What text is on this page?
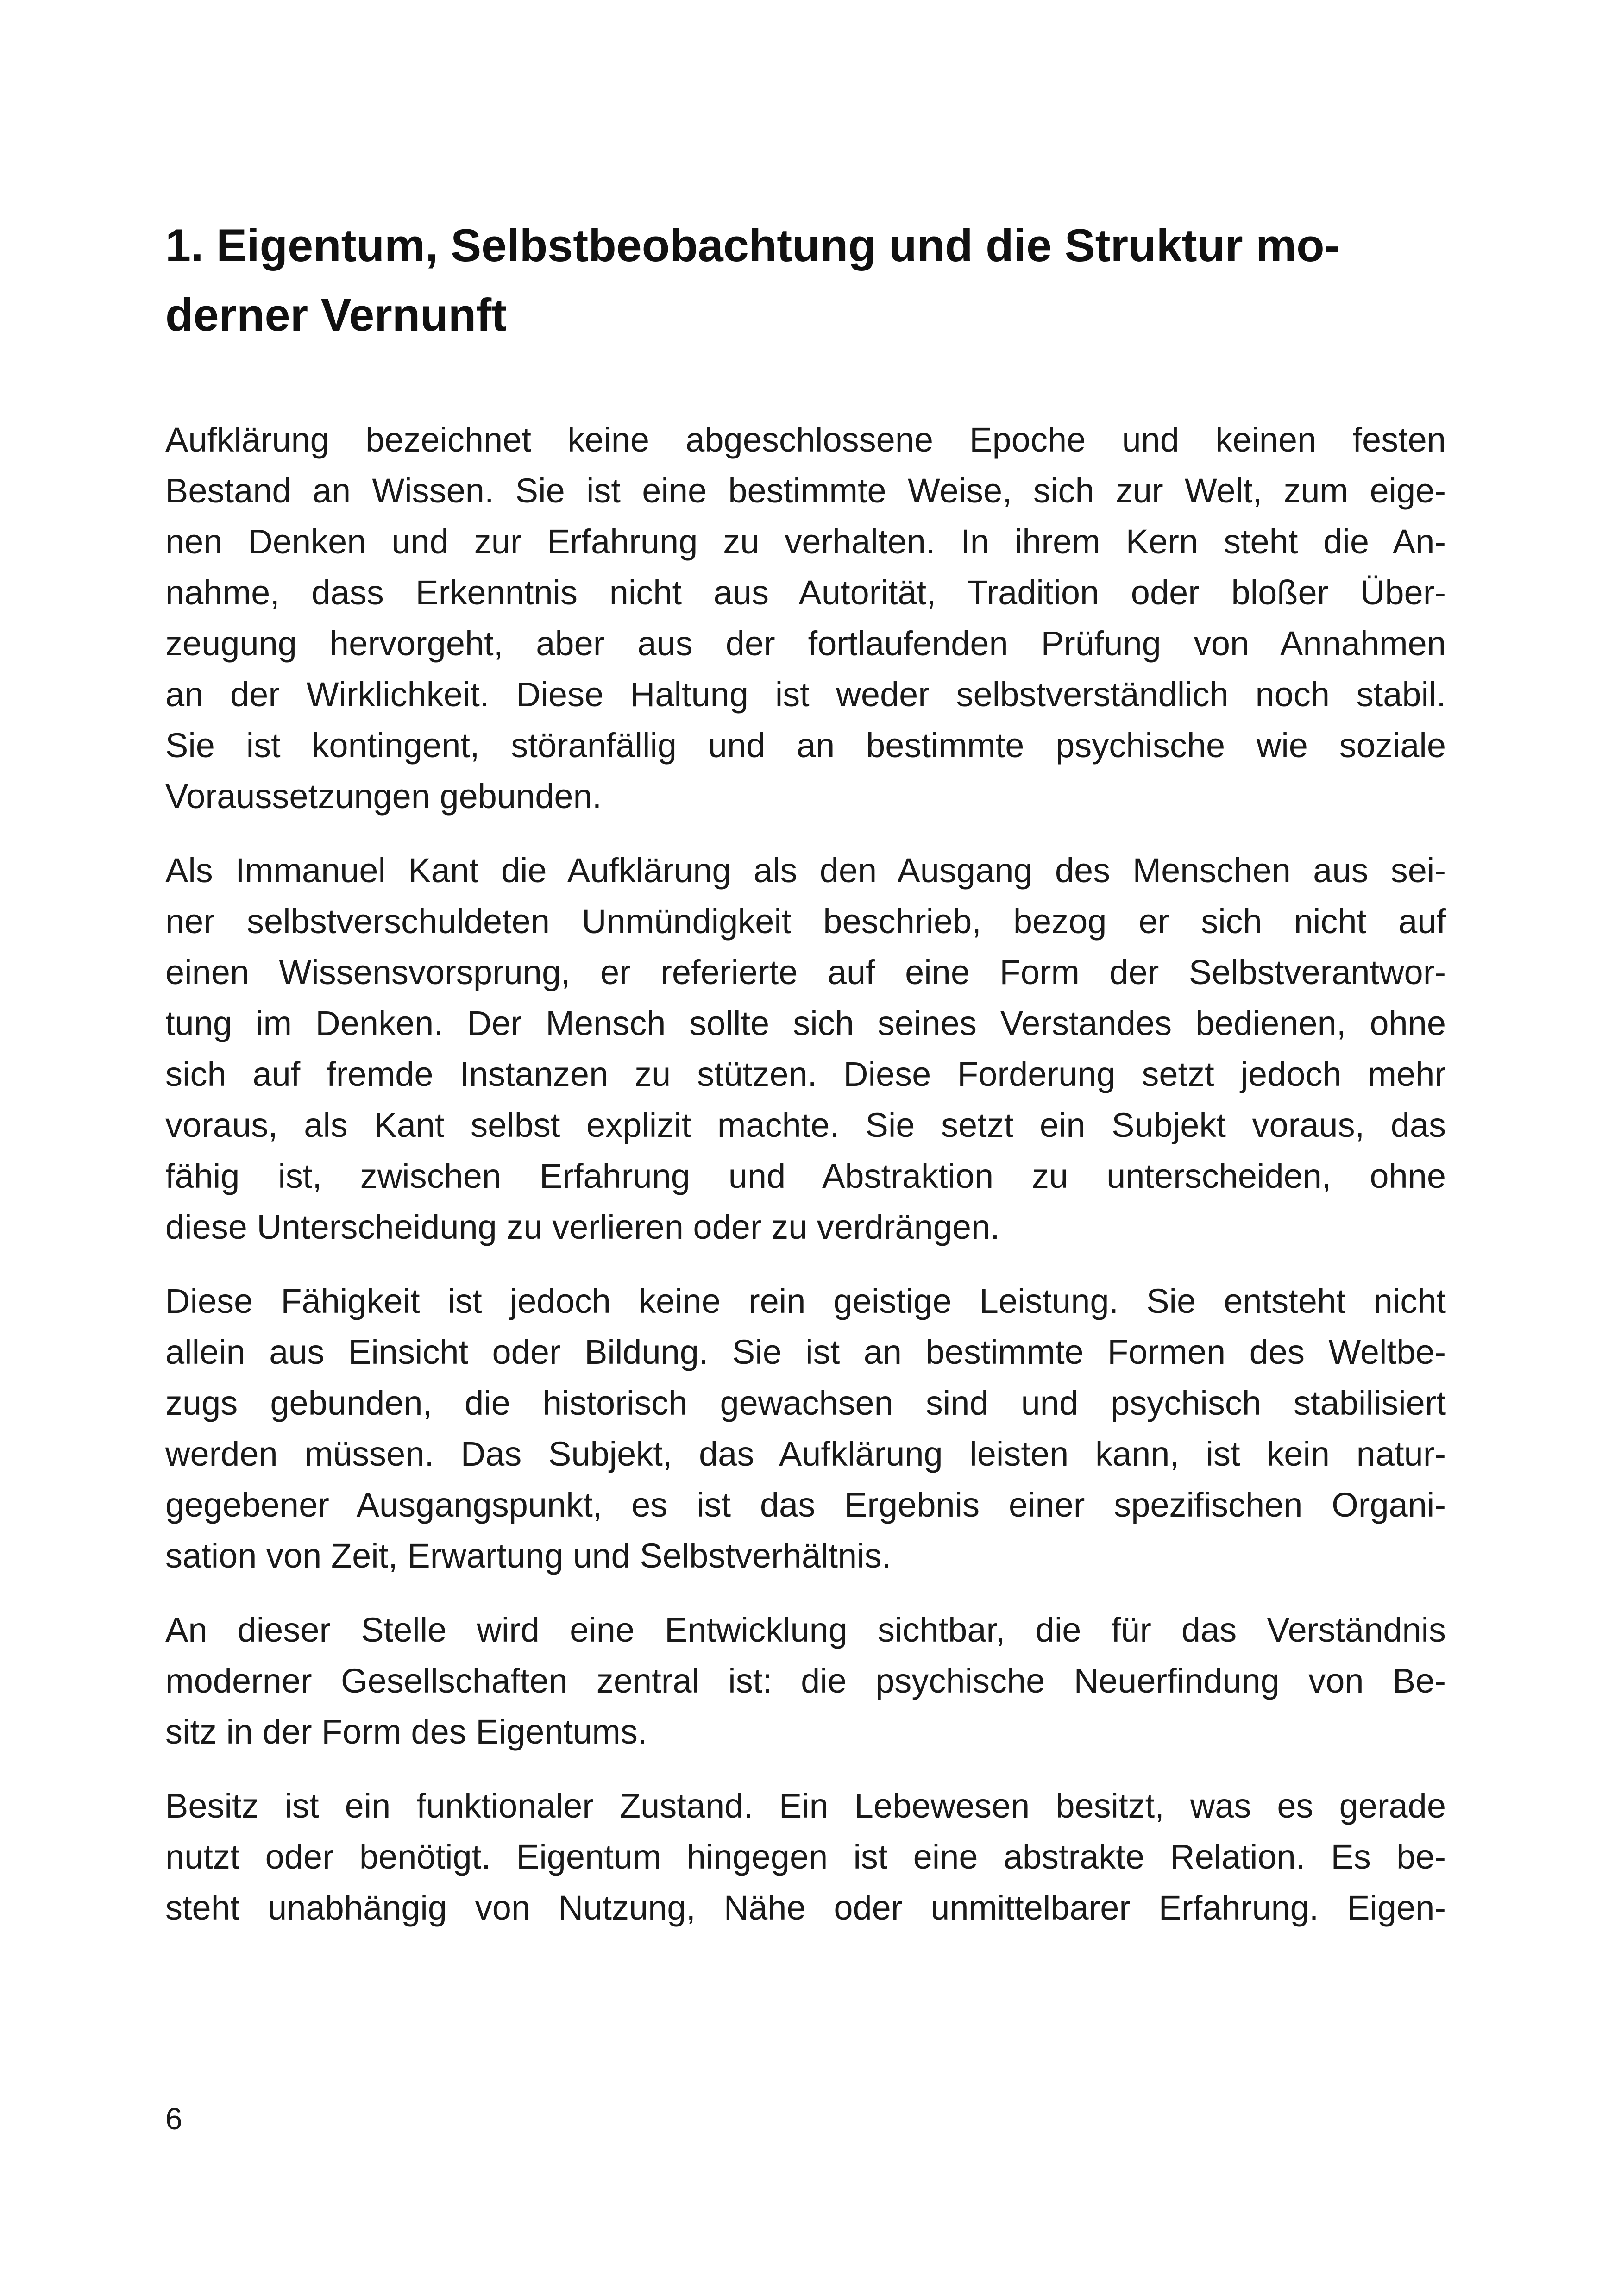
1. Eigentum, Selbstbeobachtung und die Struktur mo-
derner Vernunft

Aufklärung bezeichnet keine abgeschlossene Epoche und keinen festen
Bestand an Wissen. Sie ist eine bestimmte Weise, sich zur Welt, zum eige-
nen Denken und zur Erfahrung zu verhalten. In ihrem Kern steht die An-
nahme, dass Erkenntnis nicht aus Autorität, Tradition oder bloßer Über-
zeugung hervorgeht, aber aus der fortlaufenden Prüfung von Annahmen
an der Wirklichkeit. Diese Haltung ist weder selbstverständlich noch stabil.
Sie ist kontingent, störanfällig und an bestimmte psychische wie soziale
Voraussetzungen gebunden.

Als Immanuel Kant die Aufklärung als den Ausgang des Menschen aus sei-
ner selbstverschuldeten Unmündigkeit beschrieb, bezog er sich nicht auf
einen Wissensvorsprung, er referierte auf eine Form der Selbstverantwor-
tung im Denken. Der Mensch sollte sich seines Verstandes bedienen, ohne
sich auf fremde Instanzen zu stützen. Diese Forderung setzt jedoch mehr
voraus, als Kant selbst explizit machte. Sie setzt ein Subjekt voraus, das
fähig ist, zwischen Erfahrung und Abstraktion zu unterscheiden, ohne
diese Unterscheidung zu verlieren oder zu verdrängen.

Diese Fähigkeit ist jedoch keine rein geistige Leistung. Sie entsteht nicht
allein aus Einsicht oder Bildung. Sie ist an bestimmte Formen des Weltbe-
zugs gebunden, die historisch gewachsen sind und psychisch stabilisiert
werden müssen. Das Subjekt, das Aufklärung leisten kann, ist kein natur-
gegebener Ausgangspunkt, es ist das Ergebnis einer spezifischen Organi-
sation von Zeit, Erwartung und Selbstverhältnis.

An dieser Stelle wird eine Entwicklung sichtbar, die für das Verständnis
moderner Gesellschaften zentral ist: die psychische Neuerfindung von Be-
sitz in der Form des Eigentums.

Besitz ist ein funktionaler Zustand. Ein Lebewesen besitzt, was es gerade
nutzt oder benötigt. Eigentum hingegen ist eine abstrakte Relation. Es be-
steht unabhängig von Nutzung, Nähe oder unmittelbarer Erfahrung. Eigen-

6
